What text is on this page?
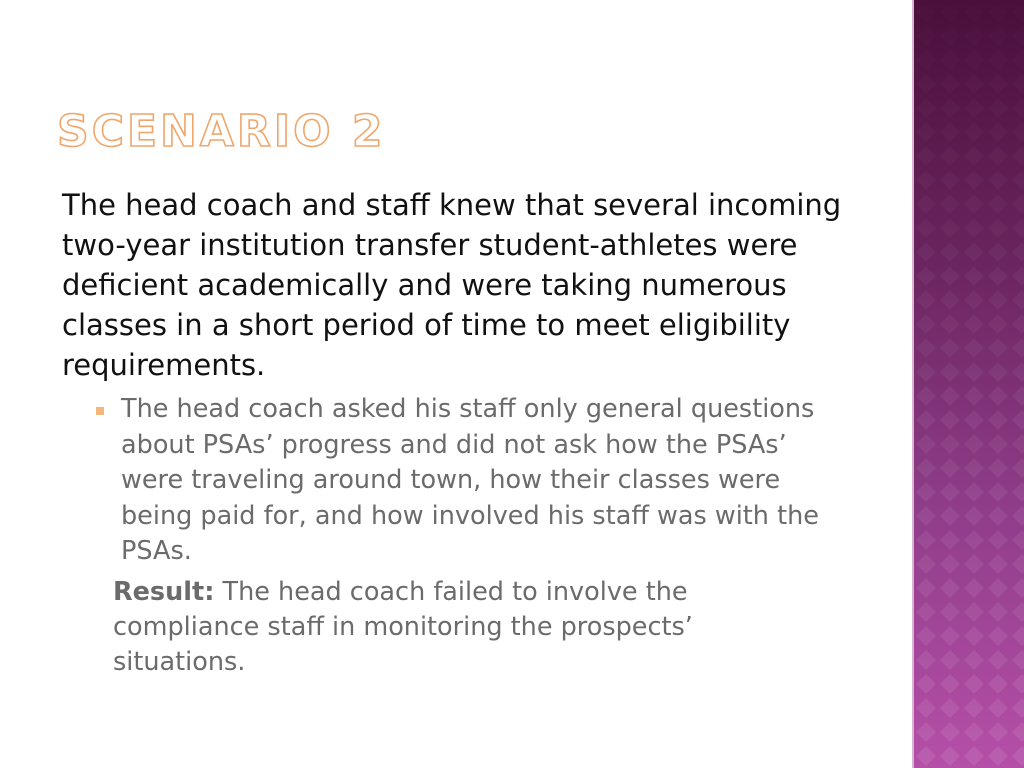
SCENARIO 2

The head coach and staff knew that several incoming two-year institution transfer student-athletes were deficient academically and were taking numerous classes in a short period of time to meet eligibility requirements.

The head coach asked his staff only general questions about PSAs’ progress and did not ask how the PSAs’ were traveling around town, how their classes were being paid for, and how involved his staff was with the PSAs.

Result: The head coach failed to involve the compliance staff in monitoring the prospects’ situations.
